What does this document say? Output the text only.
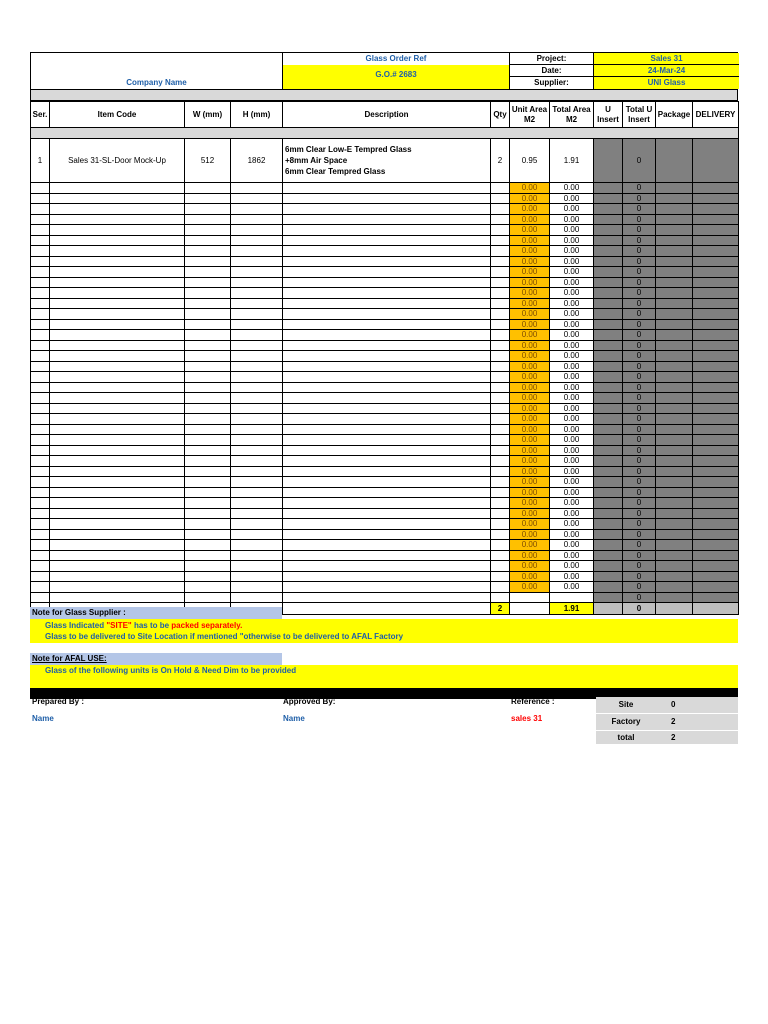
Company Name
Glass Order Ref
G.O.# 2683
Project:	Sales 31
Date:	24-Mar-24
Supplier:	UNI Glass
Ser.	Item Code	W (mm)	H (mm)	Description	Qty	Unit Area M2	Total Area M2	U Insert	Total U Insert	Package	DELIVERY

1	Sales 31-SL-Door Mock-Up	512	1862	6mm Clear Low-E Tempred Glass
+8mm Air Space
6mm Clear Tempred Glass	2	0.95	1.91		0		
						0.00	0.00		0		
						0.00	0.00		0		
						0.00	0.00		0		
						0.00	0.00		0		
						0.00	0.00		0		
						0.00	0.00		0		
						0.00	0.00		0		
						0.00	0.00		0		
						0.00	0.00		0		
						0.00	0.00		0		
						0.00	0.00		0		
						0.00	0.00		0		
						0.00	0.00		0		
						0.00	0.00		0		
						0.00	0.00		0		
						0.00	0.00		0		
						0.00	0.00		0		
						0.00	0.00		0		
						0.00	0.00		0		
						0.00	0.00		0		
						0.00	0.00		0		
						0.00	0.00		0		
						0.00	0.00		0		
						0.00	0.00		0		
						0.00	0.00		0		
						0.00	0.00		0		
						0.00	0.00		0		
						0.00	0.00		0		
						0.00	0.00		0		
						0.00	0.00		0		
						0.00	0.00		0		
						0.00	0.00		0		
						0.00	0.00		0		
						0.00	0.00		0		
						0.00	0.00		0		
						0.00	0.00		0		
						0.00	0.00		0		
						0.00	0.00		0		
						0.00	0.00		0		
									0		
					2		1.91		0		
Note for Glass Supplier :
Glass Indicated "SITE" has to be packed separately.
Glass to be delivered to Site Location if mentioned "otherwise to be delivered to AFAL Factory
Note for AFAL USE:
Glass of the following units is On Hold & Need Dim to be provided
Prepared By :
Name
Approved By:
Name
Reference :
sales 31
Site	0
Factory	2
total	2
